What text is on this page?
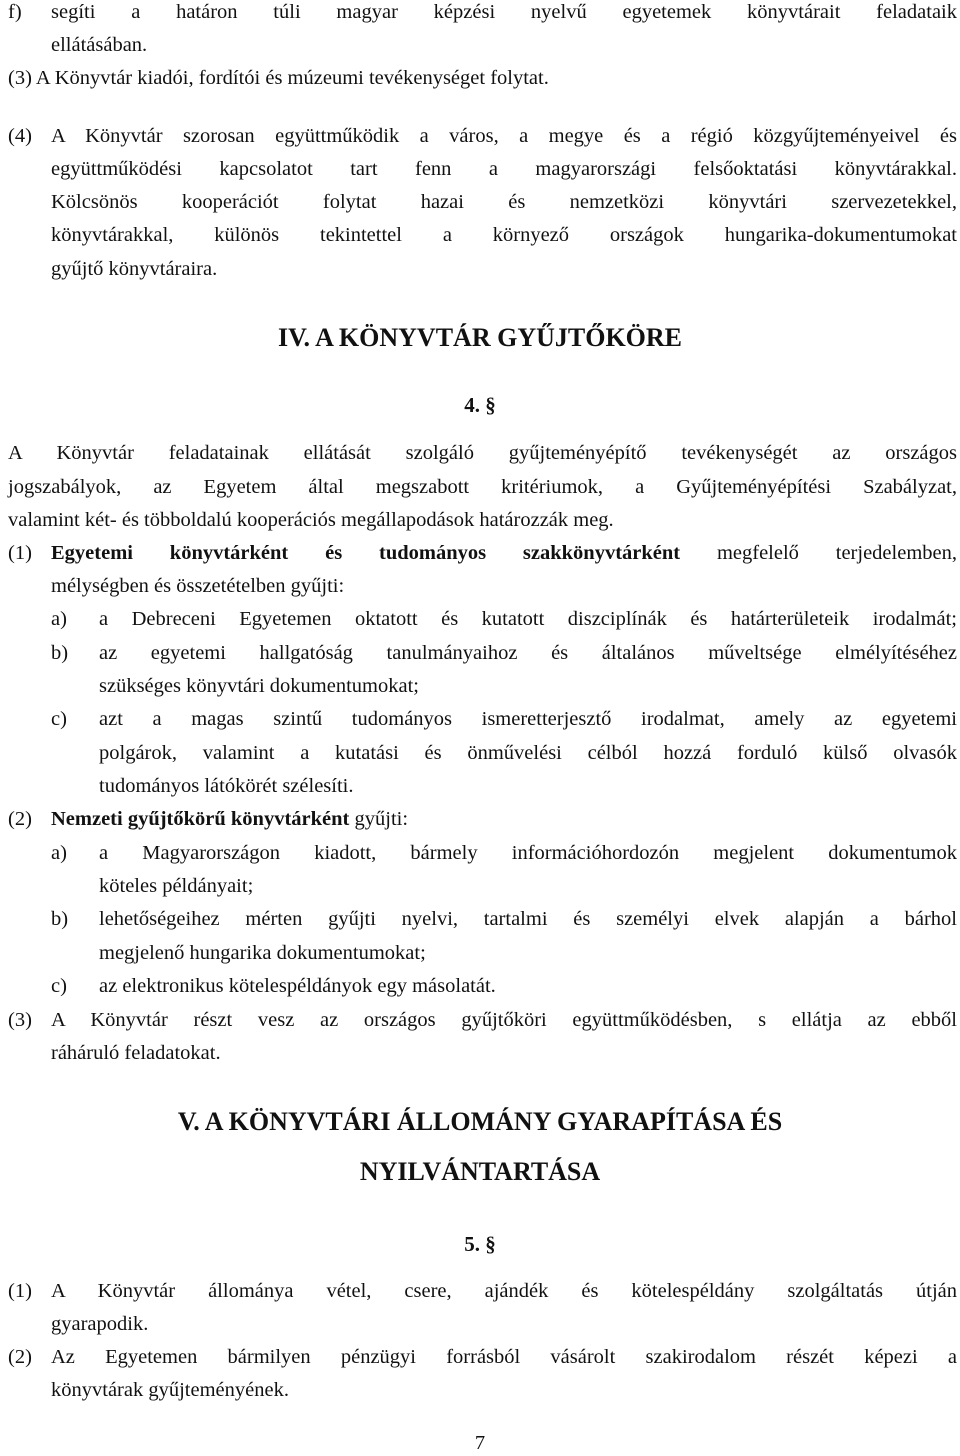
f) segíti a határon túli magyar képzési nyelvű egyetemek könyvtárait feladataik
ellátásában.
(3) A Könyvtár kiadói, fordítói és múzeumi tevékenységet folytat.
(4) A Könyvtár szorosan együttműködik a város, a megye és a régió közgyűjteményeivel és
együttműködési kapcsolatot tart fenn a magyarországi felsőoktatási könyvtárakkal.
Kölcsönös kooperációt folytat hazai és nemzetközi könyvtári szervezetekkel,
könyvtárakkal, különös tekintettel a környező országok hungarika-dokumentumokat
gyűjtő könyvtáraira.
IV. A KÖNYVTÁR GYŰJTŐKÖRE
4. §
A Könyvtár feladatainak ellátását szolgáló gyűjteményépítő tevékenységét az országos
jogszabályok, az Egyetem által megszabott kritériumok, a Gyűjteményépítési Szabályzat,
valamint két- és többoldalú kooperációs megállapodások határozzák meg.
(1) Egyetemi könyvtárként és tudományos szakkönyvtárként megfelelő terjedelemben,
mélységben és összetételben gyűjti:
a) a Debreceni Egyetemen oktatott és kutatott diszciplínák és határterületeik irodalmát;
b) az egyetemi hallgatóság tanulmányaihoz és általános műveltsége elmélyítéséhez
szükséges könyvtári dokumentumokat;
c) azt a magas szintű tudományos ismeretterjesztő irodalmat, amely az egyetemi
polgárok, valamint a kutatási és önművelési célból hozzá forduló külső olvasók
tudományos látókörét szélesíti.
(2) Nemzeti gyűjtőkörű könyvtárként gyűjti:
a) a Magyarországon kiadott, bármely információhordozón megjelent dokumentumok
köteles példányait;
b) lehetőségeihez mérten gyűjti nyelvi, tartalmi és személyi elvek alapján a bárhol
megjelenő hungarika dokumentumokat;
c) az elektronikus kötelespéldányok egy másolatát.
(3) A Könyvtár részt vesz az országos gyűjtőköri együttműködésben, s ellátja az ebből
ráháruló feladatokat.
V. A KÖNYVTÁRI ÁLLOMÁNY GYARAPÍTÁSA ÉS
NYILVÁNTARTÁSA
5. §
(1) A Könyvtár állománya vétel, csere, ajándék és kötelespéldány szolgáltatás útján
gyarapodik.
(2) Az Egyetemen bármilyen pénzügyi forrásból vásárolt szakirodalom részét képezi a
könyvtárak gyűjteményének.
7
